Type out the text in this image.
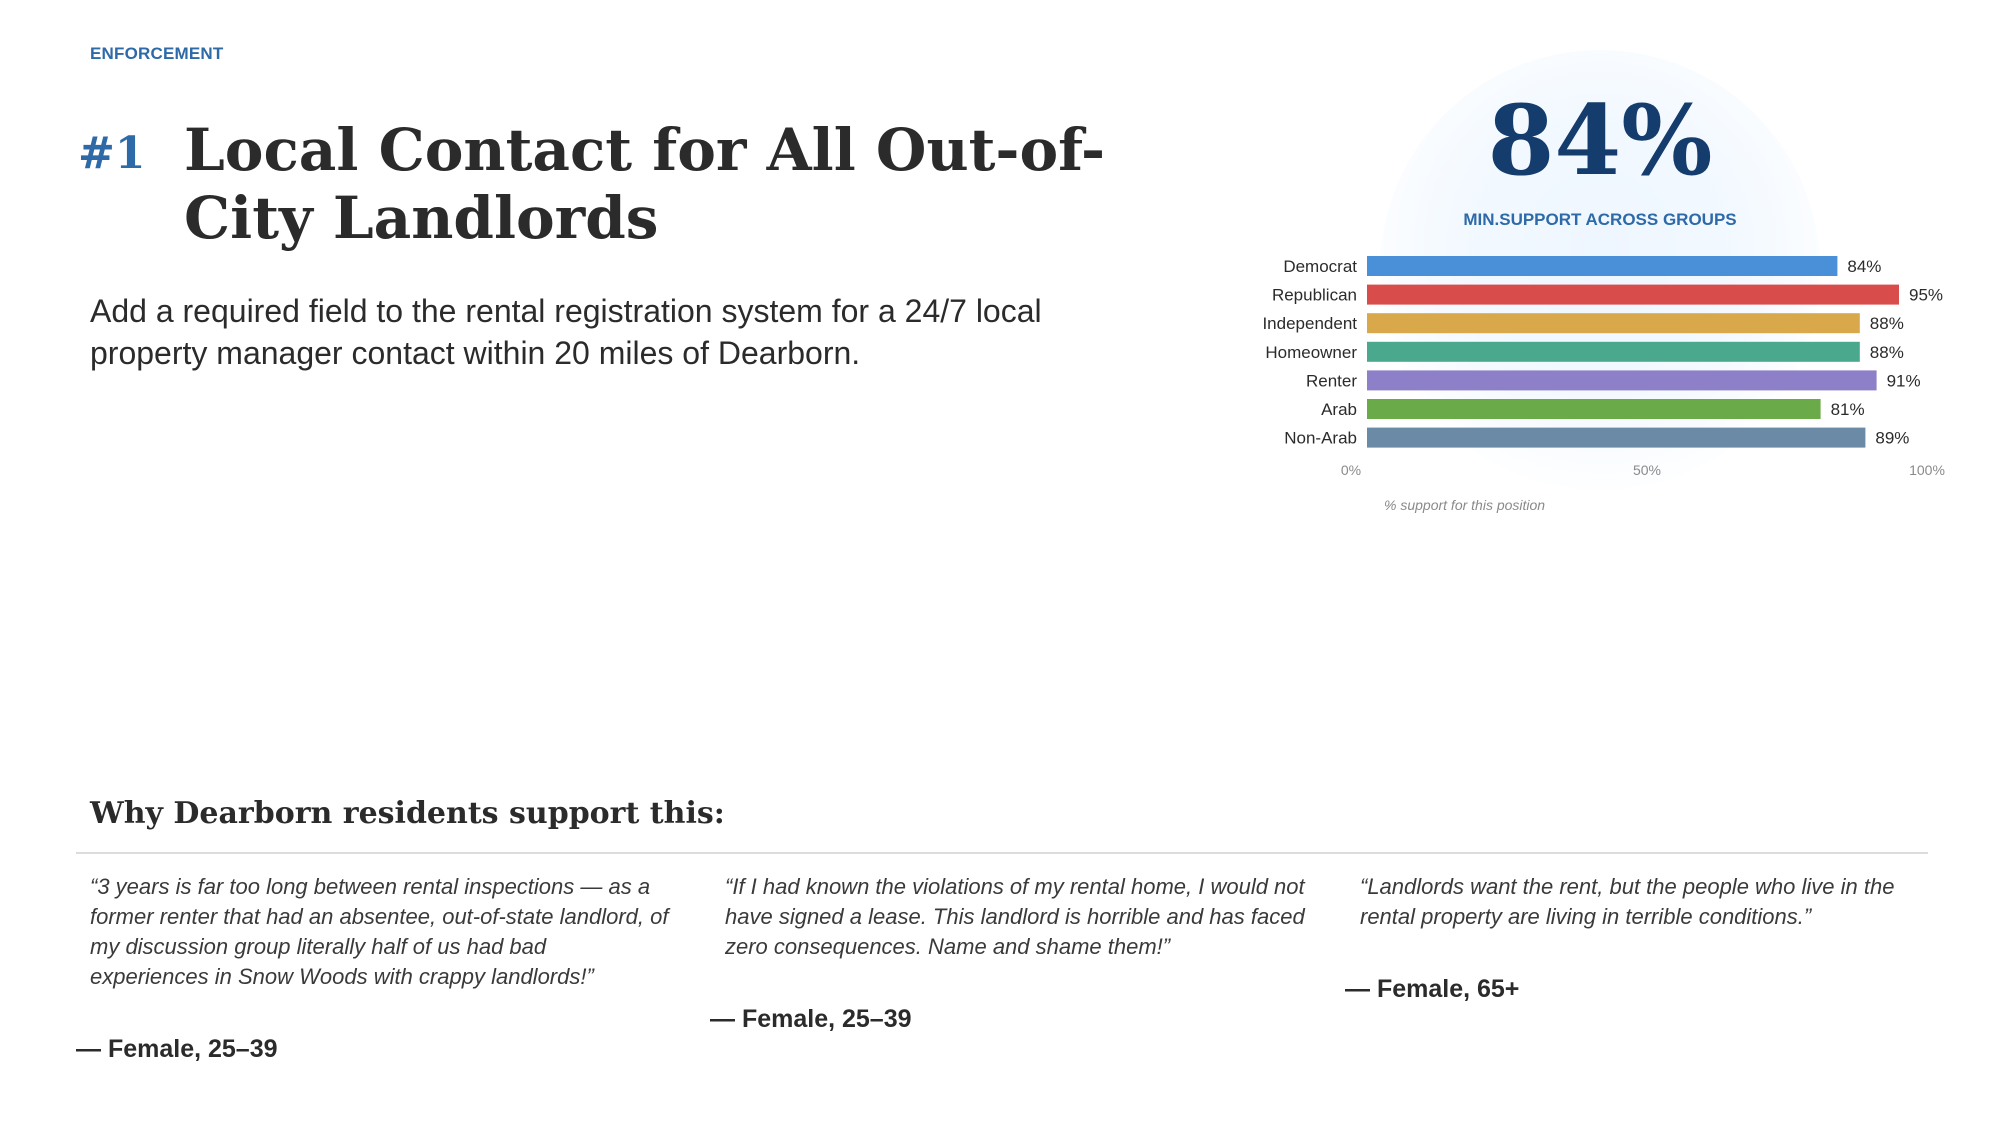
ENFORCEMENT
#1 Local Contact for All Out-of-City Landlords

Add a required field to the rental registration system for a 24/7 local property manager contact within 20 miles of Dearborn.

84%
MIN.SUPPORT ACROSS GROUPS
Democrat	84%
Republican	95%
Independent	88%
Homeowner	88%
Renter	91%
Arab	81%
Non-Arab	89%
0%	50%	100%
% support for this position
Why Dearborn residents support this:

“3 years is far too long between rental inspections — as a former renter that had an absentee, out-of-state landlord, of my discussion group literally half of us had bad experiences in Snow Woods with crappy landlords!”

— Female, 25–39

“If I had known the violations of my rental home, I would not have signed a lease. This landlord is horrible and has faced zero consequences. Name and shame them!”

— Female, 25–39

“Landlords want the rent, but the people who live in the rental property are living in terrible conditions.”

— Female, 65+
